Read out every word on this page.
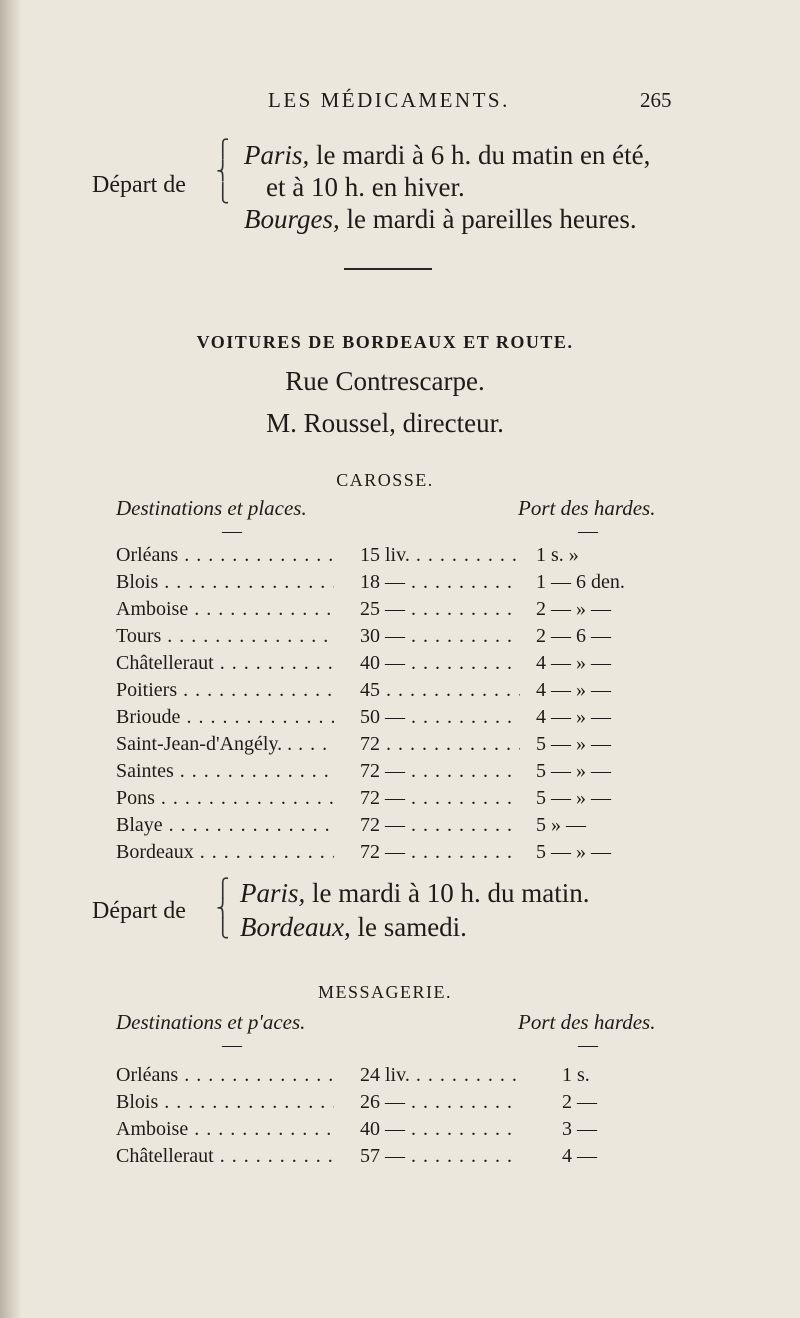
LES MÉDICAMENTS.	265
Départ de
⎧
⎨
⎩
Paris, le mardi à 6 h. du matin en été,
et à 10 h. en hiver.
Bourges, le mardi à pareilles heures.
VOITURES DE BORDEAUX ET ROUTE.
Rue Contrescarpe.
M. Roussel, directeur.
CAROSSE.
Destinations et places.	Port des hardes.
—	—
Orléans . . .	15 liv. . . .	1 s. »
Blois . . .	18 — . . .	1 — 6 den.
Amboise . . .	25 — . . .	2 — » —
Tours . . .	30 — . . .	2 — 6 —
Châtelleraut . . .	40 — . . .	4 — » —
Poitiers . . .	45 . . .	4 — » —
Brioude . . .	50 — . . .	4 — » —
Saint-Jean-d'Angély. . . . .	72 . . .	5 — » —
Saintes . . .	72 — . . .	5 — » —
Pons . . .	72 — . . .	5 — » —
Blaye . . .	72 — . . .	5 » —
Bordeaux . . .	72 — . . .	5 — » —
Départ de
⎧
⎨
⎩
Paris, le mardi à 10 h. du matin.
Bordeaux, le samedi.
MESSAGERIE.
Destinations et p'aces.	Port des hardes.
—	—
Orléans . . .	24 liv. . . .	1 s.
Blois . . .	26 — . . .	2 —
Amboise . . .	40 — . . .	3 —
Châtelleraut . . .	57 — . . .	4 —
